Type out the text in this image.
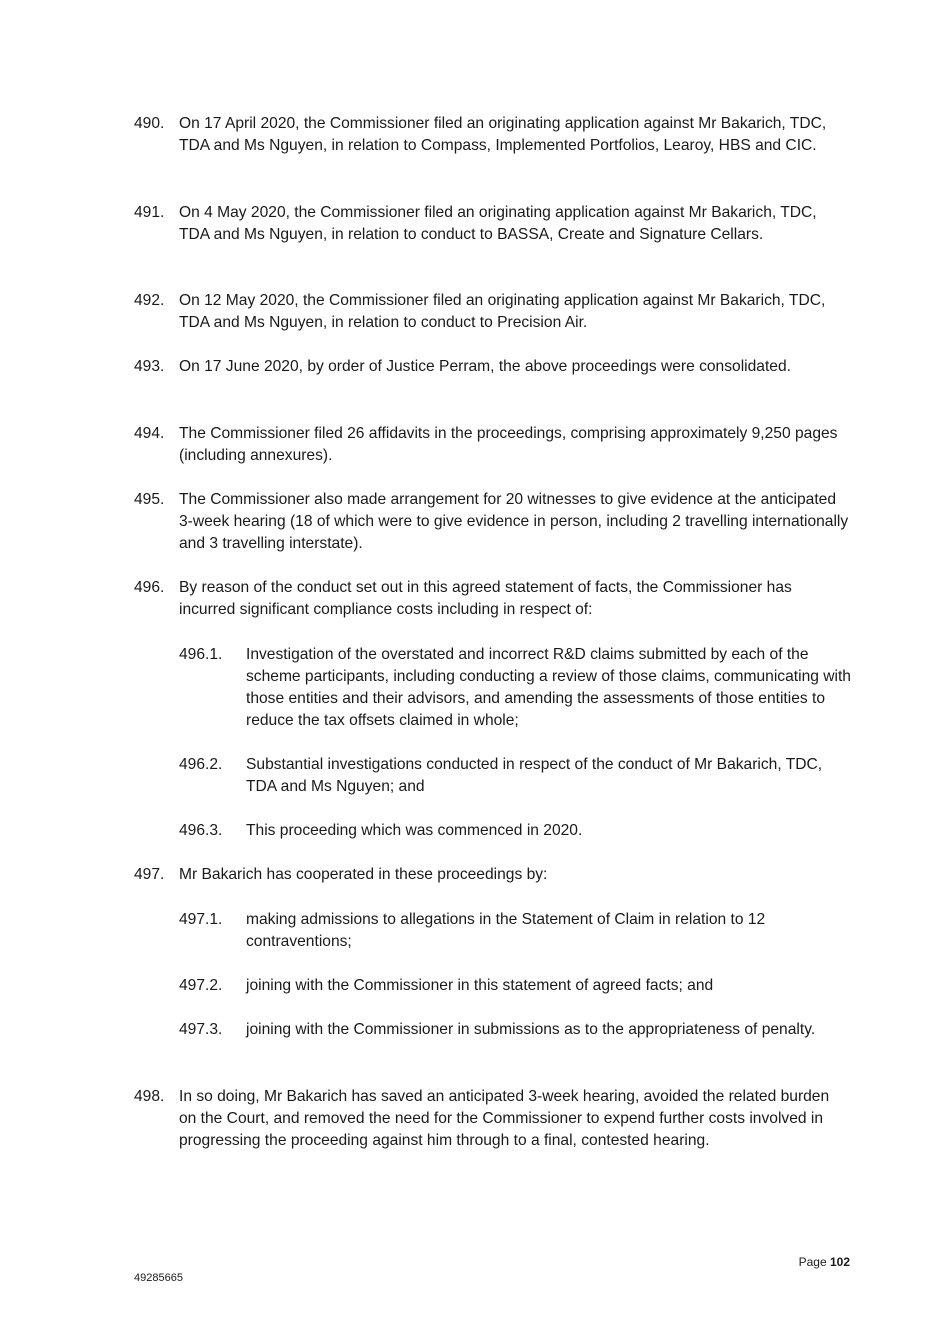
490. On 17 April 2020, the Commissioner filed an originating application against Mr Bakarich, TDC, TDA and Ms Nguyen, in relation to Compass, Implemented Portfolios, Learoy, HBS and CIC.
491. On 4 May 2020, the Commissioner filed an originating application against Mr Bakarich, TDC, TDA and Ms Nguyen, in relation to conduct to BASSA, Create and Signature Cellars.
492. On 12 May 2020, the Commissioner filed an originating application against Mr Bakarich, TDC, TDA and Ms Nguyen, in relation to conduct to Precision Air.
493. On 17 June 2020, by order of Justice Perram, the above proceedings were consolidated.
494. The Commissioner filed 26 affidavits in the proceedings, comprising approximately 9,250 pages (including annexures).
495. The Commissioner also made arrangement for 20 witnesses to give evidence at the anticipated 3-week hearing (18 of which were to give evidence in person, including 2 travelling internationally and 3 travelling interstate).
496. By reason of the conduct set out in this agreed statement of facts, the Commissioner has incurred significant compliance costs including in respect of:
496.1.	Investigation of the overstated and incorrect R&D claims submitted by each of the scheme participants, including conducting a review of those claims, communicating with those entities and their advisors, and amending the assessments of those entities to reduce the tax offsets claimed in whole;
496.2.	Substantial investigations conducted in respect of the conduct of Mr Bakarich, TDC, TDA and Ms Nguyen; and
496.3.	This proceeding which was commenced in 2020.
497. Mr Bakarich has cooperated in these proceedings by:
497.1.	making admissions to allegations in the Statement of Claim in relation to 12 contraventions;
497.2.	joining with the Commissioner in this statement of agreed facts; and
497.3.	joining with the Commissioner in submissions as to the appropriateness of penalty.
498. In so doing, Mr Bakarich has saved an anticipated 3-week hearing, avoided the related burden on the Court, and removed the need for the Commissioner to expend further costs involved in progressing the proceeding against him through to a final, contested hearing.
Page 102
49285665
